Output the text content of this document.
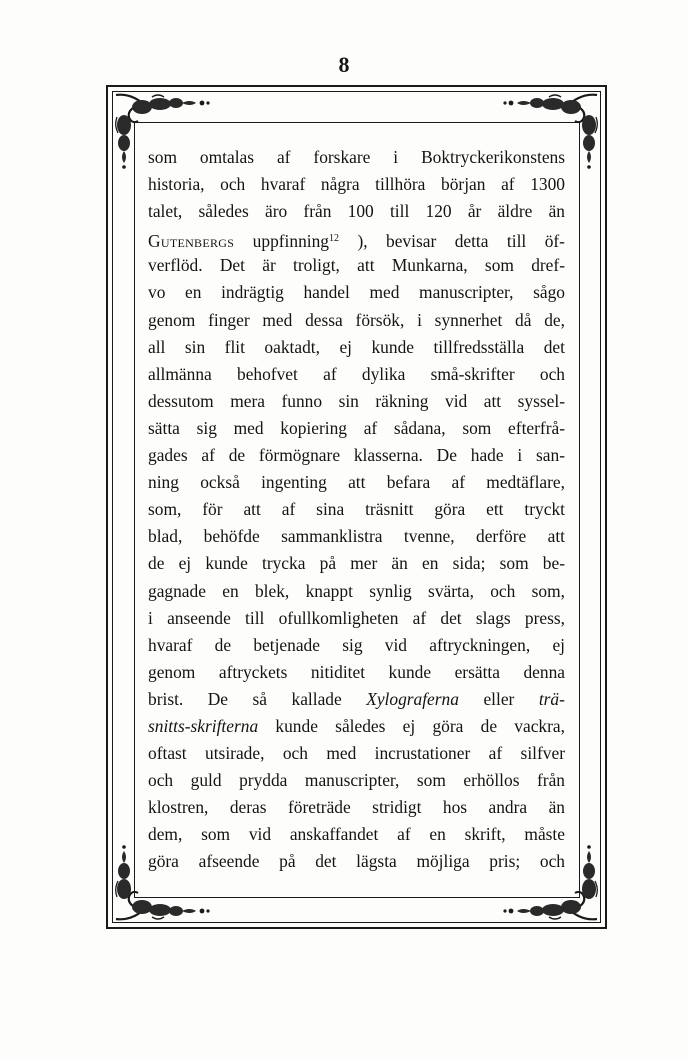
8
som omtalas af forskare i Boktryckerikonstens
historia, och hvaraf några tillhöra början af 1300
talet, således äro från 100 till 120 år äldre än
Gutenbergs uppfinning$^{12}$ ), bevisar detta till öf-
verflöd. Det är troligt, att Munkarna, som dref-
vo en indrägtig handel med manuscripter, sågo
genom finger med dessa försök, i synnerhet då de,
all sin flit oaktadt, ej kunde tillfredsställa det
allmänna behofvet af dylika små-skrifter och
dessutom mera funno sin räkning vid att syssel-
sätta sig med kopiering af sådana, som efterfrå-
gades af de förmögnare klasserna. De hade i san-
ning också ingenting att befara af medtäflare,
som, för att af sina träsnitt göra ett tryckt
blad, behöfde sammanklistra tvenne, derföre att
de ej kunde trycka på mer än en sida; som be-
gagnade en blek, knappt synlig svärta, och som,
i anseende till ofullkomligheten af det slags press,
hvaraf de betjenade sig vid aftryckningen, ej
genom aftryckets nitiditet kunde ersätta denna
brist. De så kallade Xylograferna eller trä-
snitts-skrifterna kunde således ej göra de vackra,
oftast utsirade, och med incrustationer af silfver
och guld prydda manuscripter, som erhöllos från
klostren, deras företräde stridigt hos andra än
dem, som vid anskaffandet af en skrift, måste
göra afseende på det lägsta möjliga pris; och
